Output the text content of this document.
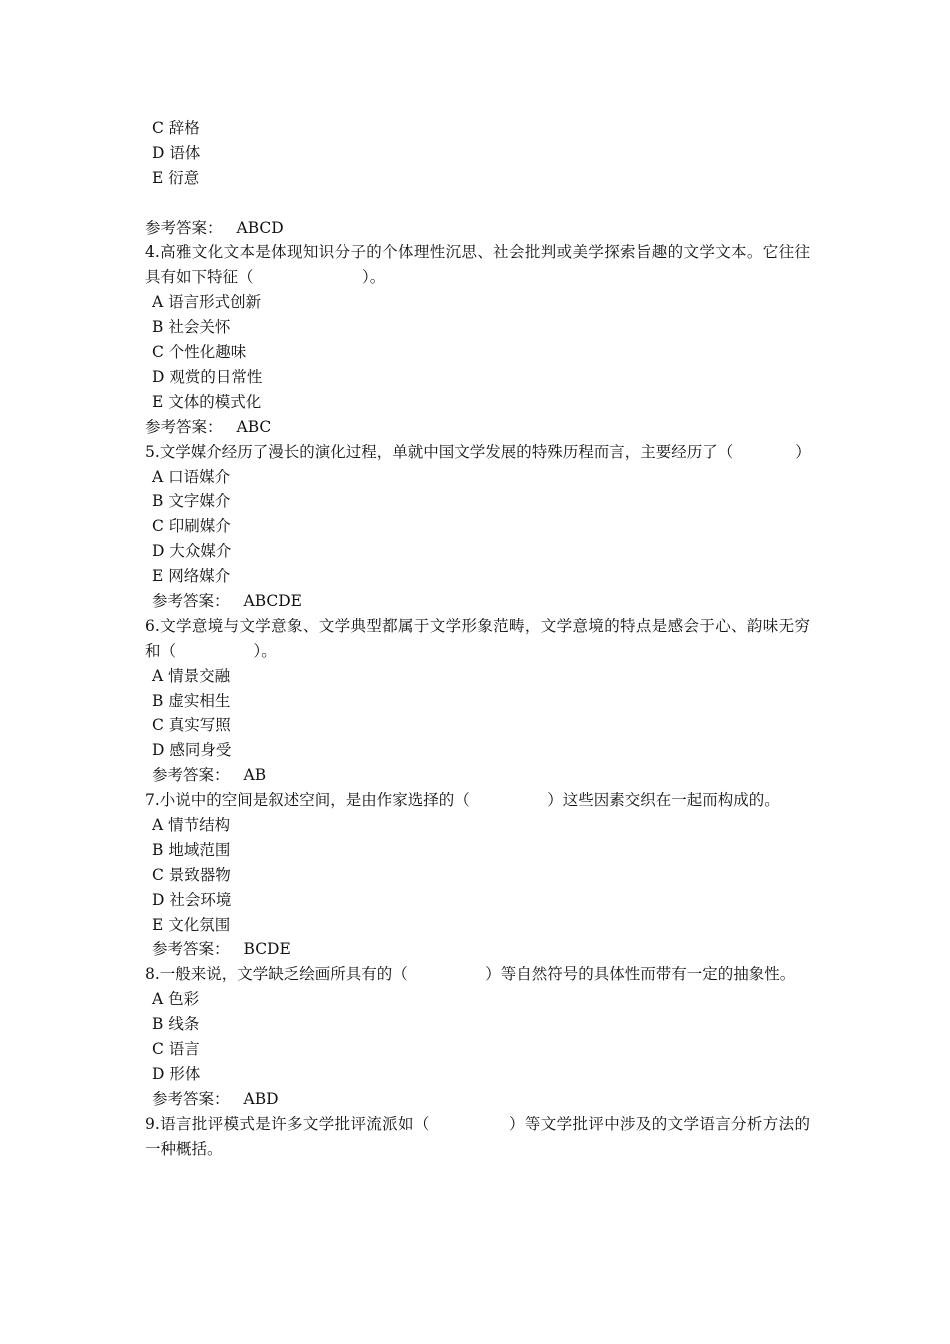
C 辞格
D 语体
E 衍意
参考答案： ABCD
4.高雅文化文本是体现知识分子的个体理性沉思、社会批判或美学探索旨趣的文学文本。它往往具有如下特征（　　　　　　　）。
A 语言形式创新
B 社会关怀
C 个性化趣味
D 观赏的日常性
E 文体的模式化
参考答案： ABC
5.文学媒介经历了漫长的演化过程，单就中国文学发展的特殊历程而言，主要经历了（　　　　）
A 口语媒介
B 文字媒介
C 印刷媒介
D 大众媒介
E 网络媒介
参考答案： ABCDE
6.文学意境与文学意象、文学典型都属于文学形象范畴，文学意境的特点是感会于心、韵味无穷和（　　　　　）。
A 情景交融
B 虚实相生
C 真实写照
D 感同身受
参考答案： AB
7.小说中的空间是叙述空间，是由作家选择的（　　　　　）这些因素交织在一起而构成的。
A 情节结构
B 地域范围
C 景致器物
D 社会环境
E 文化氛围
参考答案： BCDE
8.一般来说，文学缺乏绘画所具有的（　　　　　）等自然符号的具体性而带有一定的抽象性。
A 色彩
B 线条
C 语言
D 形体
参考答案： ABD
9.语言批评模式是许多文学批评流派如（　　　　　）等文学批评中涉及的文学语言分析方法的一种概括。
